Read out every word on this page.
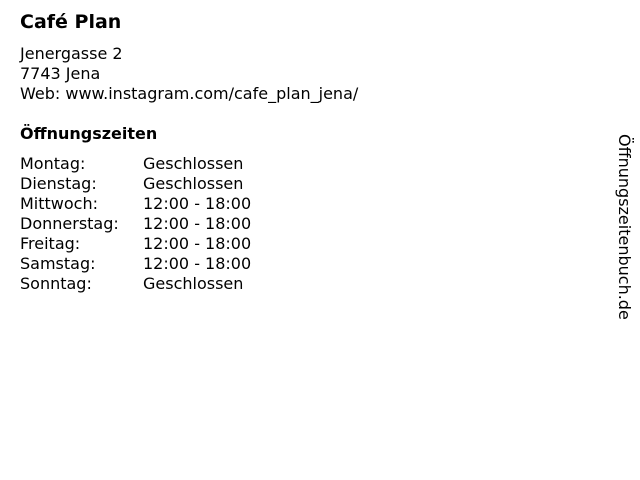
Café Plan
Jenergasse 2
7743 Jena
Web: www.instagram.com/cafe_plan_jena/
Öffnungszeiten
Montag:	Geschlossen
Dienstag:	Geschlossen
Mittwoch:	12:00 - 18:00
Donnerstag:	12:00 - 18:00
Freitag:	12:00 - 18:00
Samstag:	12:00 - 18:00
Sonntag:	Geschlossen	Öffnungszeitenbuch.de
